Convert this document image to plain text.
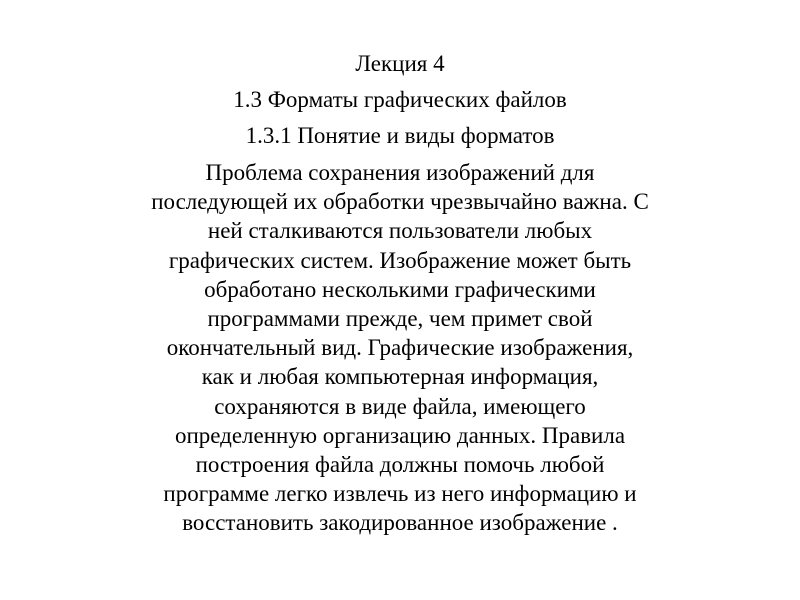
Лекция 4
1.3 Форматы графических файлов
1.3.1 Понятие и виды форматов
Проблема сохранения изображений для
последующей их обработки чрезвычайно важна. С
ней сталкиваются пользователи любых
графических систем. Изображение может быть
обработано несколькими графическими
программами прежде, чем примет свой
окончательный вид. Графические изображения,
как и любая компьютерная информация,
сохраняются в виде файла, имеющего
определенную организацию данных. Правила
построения файла должны помочь любой
программе легко извлечь из него информацию и
восстановить закодированное изображение .
